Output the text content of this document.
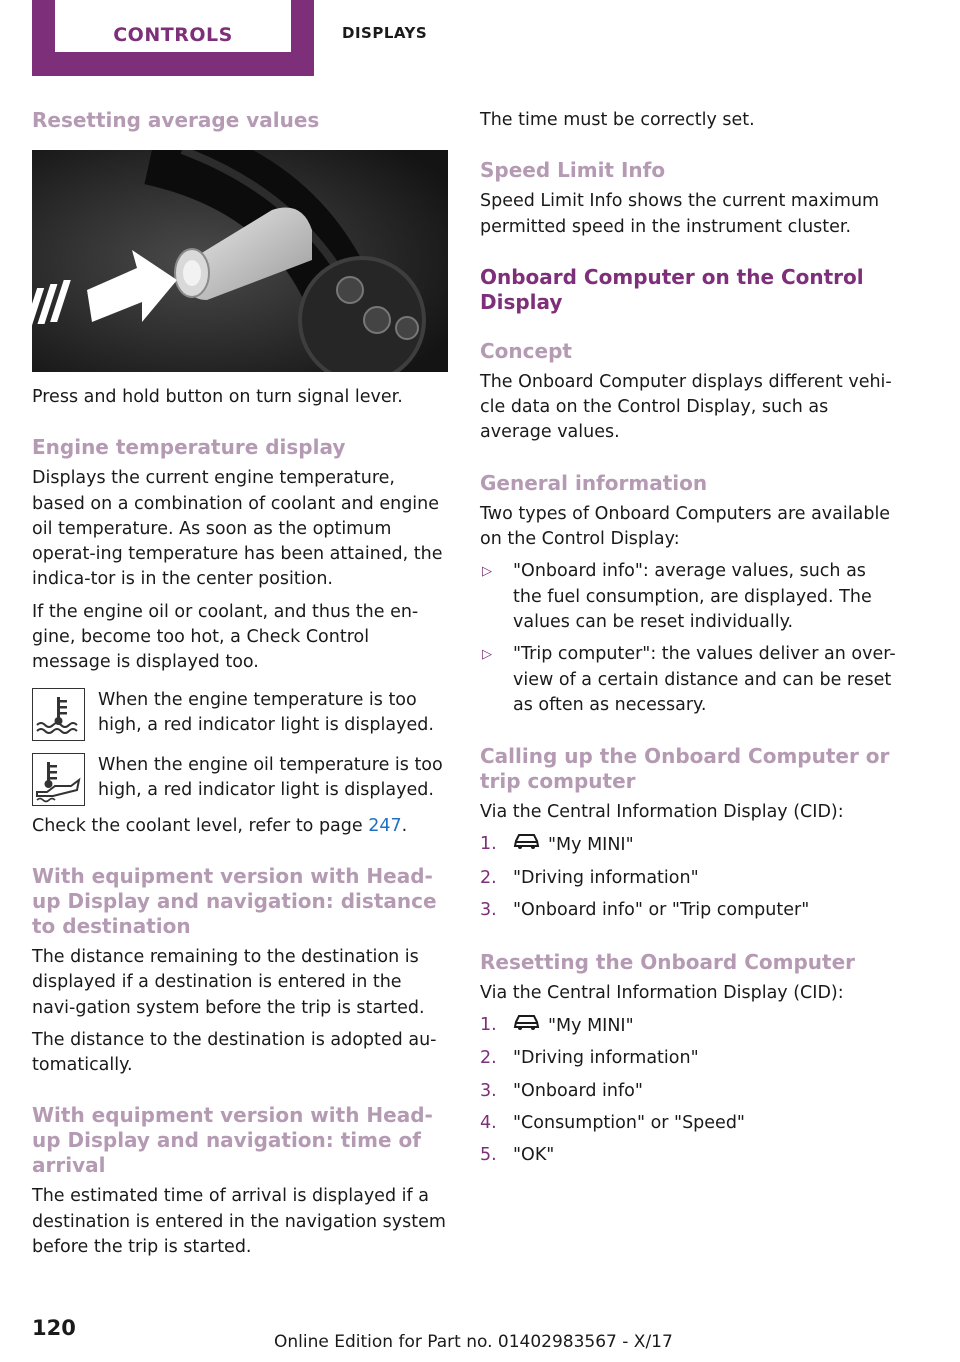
CONTROLS	DISPLAYS
Resetting average values

Press and hold button on turn signal lever.

Engine temperature display

Displays the current engine temperature, based on a combination of coolant and engine oil temperature. As soon as the optimum operat-ing temperature has been attained, the indica-tor is in the center position.

If the engine oil or coolant, and thus the en-gine, become too hot, a Check Control message is displayed too.

When the engine temperature is too high, a red indicator light is displayed.
When the engine oil temperature is too high, a red indicator light is displayed.

Check the coolant level, refer to page 247.

With equipment version with Head-up Display and navigation: distance to destination

The distance remaining to the destination is displayed if a destination is entered in the navi-gation system before the trip is started.

The distance to the destination is adopted au-tomatically.

With equipment version with Head-up Display and navigation: time of arrival

The estimated time of arrival is displayed if a destination is entered in the navigation system before the trip is started.

The time must be correctly set.

Speed Limit Info

Speed Limit Info shows the current maximum permitted speed in the instrument cluster.

Onboard Computer on the Control Display
Concept

The Onboard Computer displays different vehi-cle data on the Control Display, such as average values.

General information

Two types of Onboard Computers are available on the Control Display:

▷ "Onboard info": average values, such as the fuel consumption, are displayed. The values can be reset individually.
▷ "Trip computer": the values deliver an over-view of a certain distance and can be reset as often as necessary.
Calling up the Onboard Computer or trip computer

Via the Central Information Display (CID):

1.	"My MINI"
2. "Driving information"
3. "Onboard info" or "Trip computer"
Resetting the Onboard Computer

Via the Central Information Display (CID):

1.	"My MINI"
2. "Driving information"
3. "Onboard info"
4. "Consumption" or "Speed"
5. "OK"
120
Online Edition for Part no. 01402983567 - X/17
